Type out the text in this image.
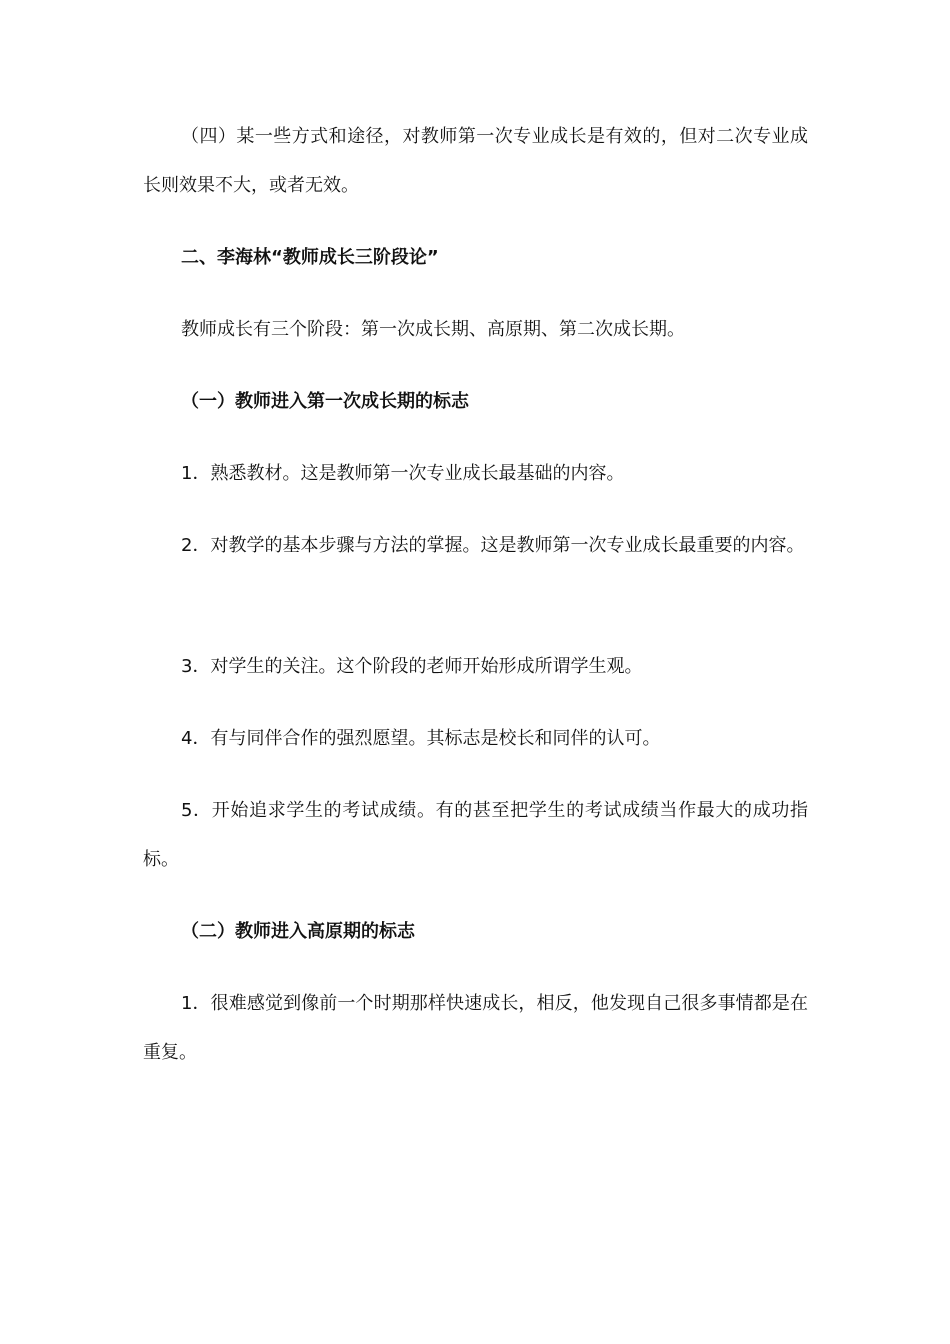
（四）某一些方式和途径，对教师第一次专业成长是有效的，但对二次专业成长则效果不大，或者无效。

二、李海林“教师成长三阶段论”

教师成长有三个阶段：第一次成长期、高原期、第二次成长期。

（一）教师进入第一次成长期的标志

1．熟悉教材。这是教师第一次专业成长最基础的内容。

2．对教学的基本步骤与方法的掌握。这是教师第一次专业成长最重要的内容。

3．对学生的关注。这个阶段的老师开始形成所谓学生观。

4．有与同伴合作的强烈愿望。其标志是校长和同伴的认可。

5．开始追求学生的考试成绩。有的甚至把学生的考试成绩当作最大的成功指标。

（二）教师进入高原期的标志

1．很难感觉到像前一个时期那样快速成长，相反，他发现自己很多事情都是在重复。
